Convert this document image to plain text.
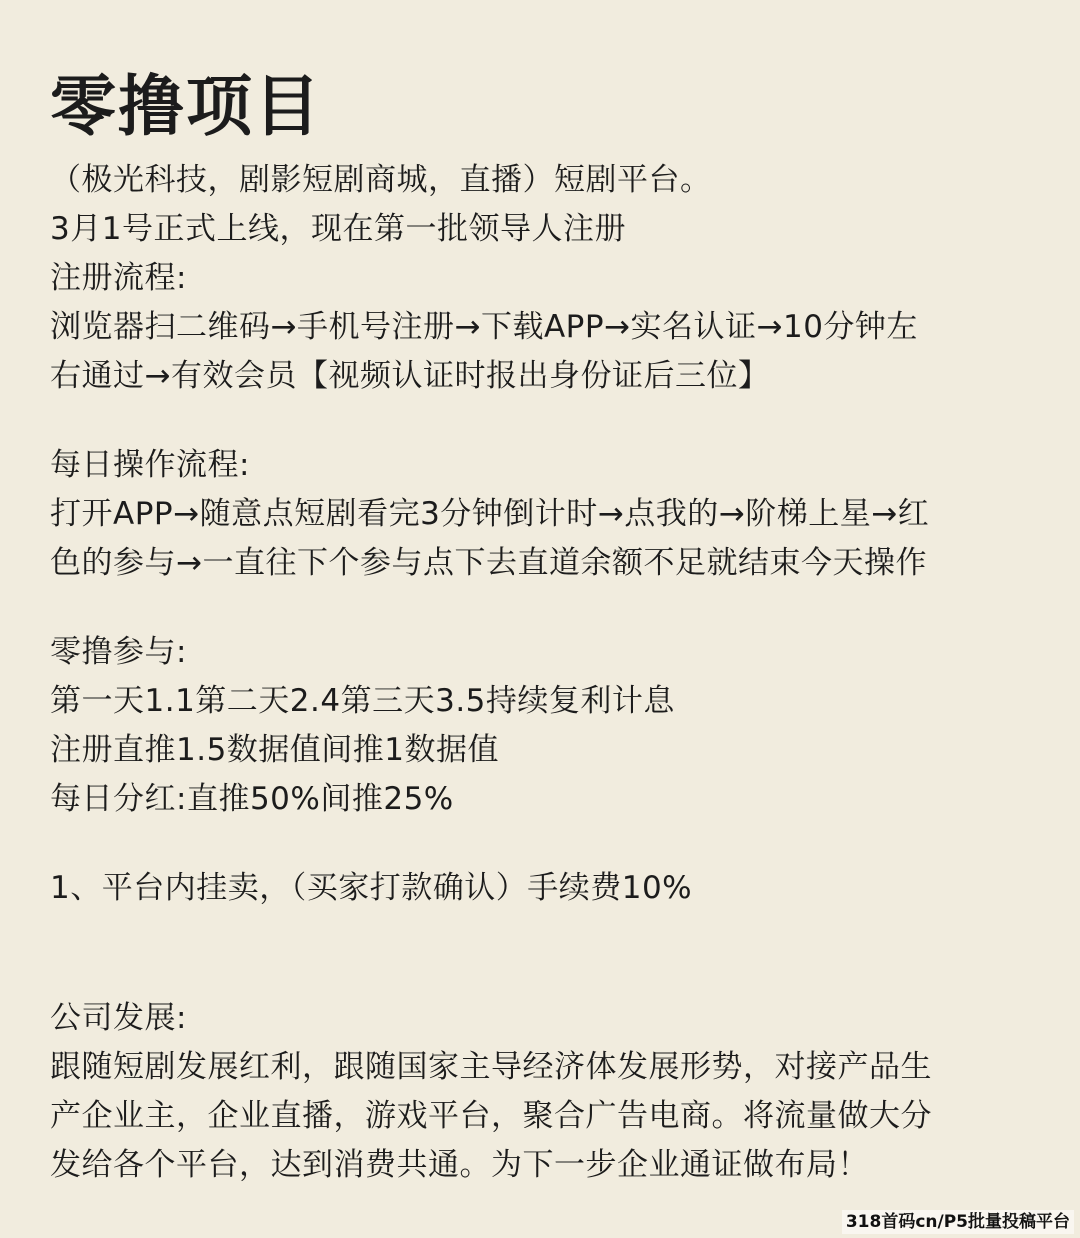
零撸项目
（极光科技，剧影短剧商城，直播）短剧平台。
3月1号正式上线，现在第一批领导人注册
注册流程:
浏览器扫二维码→手机号注册→下载APP→实名认证→10分钟左
右通过→有效会员【视频认证时报出身份证后三位】
每日操作流程:
打开APP→随意点短剧看完3分钟倒计时→点我的→阶梯上星→红
色的参与→一直往下个参与点下去直道余额不足就结束今天操作
零撸参与:
第一天1.1第二天2.4第三天3.5持续复利计息
注册直推1.5数据值间推1数据值
每日分红:直推50%间推25%
1、平台内挂卖，（买家打款确认）手续费10%
公司发展:
跟随短剧发展红利，跟随国家主导经济体发展形势，对接产品生
产企业主，企业直播，游戏平台，聚合广告电商。将流量做大分
发给各个平台，达到消费共通。为下一步企业通证做布局！

318首码cn/P5批量投稿平台
